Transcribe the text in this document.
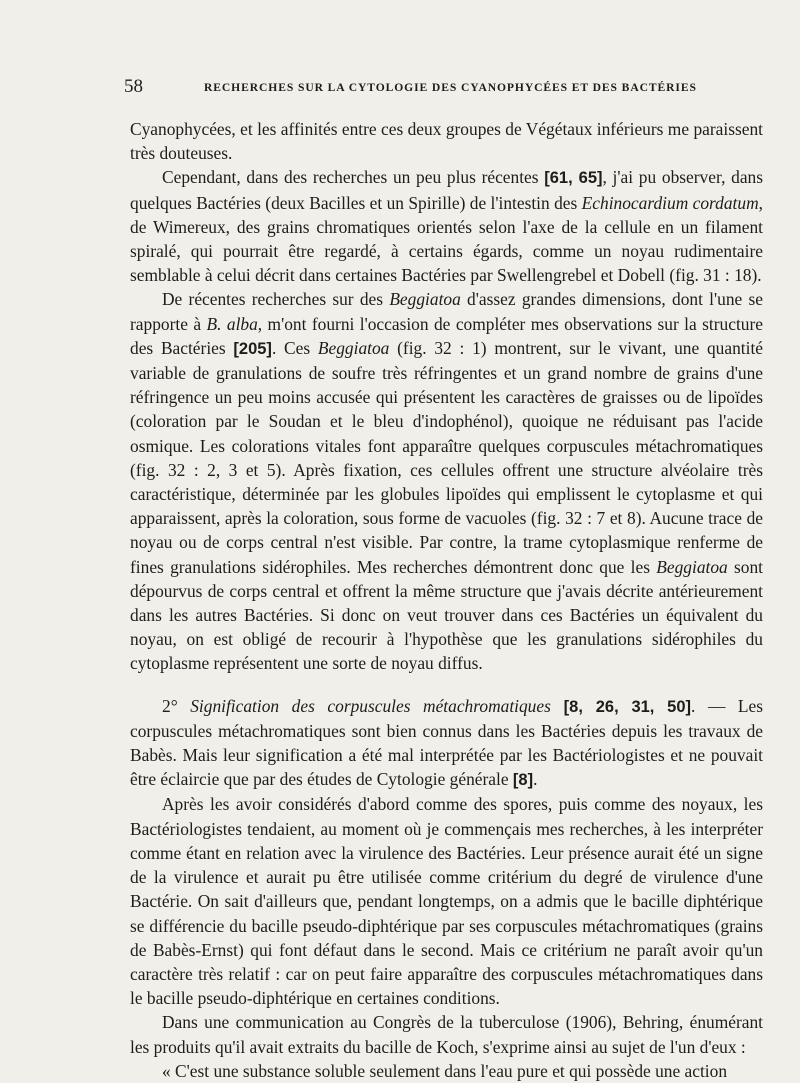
58	RECHERCHES SUR LA CYTOLOGIE DES CYANOPHYCÉES ET DES BACTÉRIES

Cyanophycées, et les affinités entre ces deux groupes de Végétaux inférieurs me paraissent très douteuses.

Cependant, dans des recherches un peu plus récentes [61, 65], j'ai pu observer, dans quelques Bactéries (deux Bacilles et un Spirille) de l'intestin des Echinocardium cordatum, de Wimereux, des grains chromatiques orientés selon l'axe de la cellule en un filament spiralé, qui pourrait être regardé, à certains égards, comme un noyau rudimentaire semblable à celui décrit dans certaines Bactéries par Swellengrebel et Dobell (fig. 31 : 18).

De récentes recherches sur des Beggiatoa d'assez grandes dimensions, dont l'une se rapporte à B. alba, m'ont fourni l'occasion de compléter mes observations sur la structure des Bactéries [205]. Ces Beggiatoa (fig. 32 : 1) montrent, sur le vivant, une quantité variable de granulations de soufre très réfringentes et un grand nombre de grains d'une réfringence un peu moins accusée qui présentent les caractères de graisses ou de lipoïdes (coloration par le Soudan et le bleu d'indophénol), quoique ne réduisant pas l'acide osmique. Les colorations vitales font apparaître quelques corpuscules métachromatiques (fig. 32 : 2, 3 et 5). Après fixation, ces cellules offrent une structure alvéolaire très caractéristique, déterminée par les globules lipoïdes qui emplissent le cytoplasme et qui apparaissent, après la coloration, sous forme de vacuoles (fig. 32 : 7 et 8). Aucune trace de noyau ou de corps central n'est visible. Par contre, la trame cytoplasmique renferme de fines granulations sidérophiles. Mes recherches démontrent donc que les Beggiatoa sont dépourvus de corps central et offrent la même structure que j'avais décrite antérieurement dans les autres Bactéries. Si donc on veut trouver dans ces Bactéries un équivalent du noyau, on est obligé de recourir à l'hypothèse que les granulations sidérophiles du cytoplasme représentent une sorte de noyau diffus.

2° Signification des corpuscules métachromatiques [8, 26, 31, 50]. — Les corpuscules métachromatiques sont bien connus dans les Bactéries depuis les travaux de Babès. Mais leur signification a été mal interprétée par les Bactériologistes et ne pouvait être éclaircie que par des études de Cytologie générale [8].

Après les avoir considérés d'abord comme des spores, puis comme des noyaux, les Bactériologistes tendaient, au moment où je commençais mes recherches, à les interpréter comme étant en relation avec la virulence des Bactéries. Leur présence aurait été un signe de la virulence et aurait pu être utilisée comme critérium du degré de virulence d'une Bactérie. On sait d'ailleurs que, pendant longtemps, on a admis que le bacille diphtérique se différencie du bacille pseudo-diphtérique par ses corpuscules métachromatiques (grains de Babès-Ernst) qui font défaut dans le second. Mais ce critérium ne paraît avoir qu'un caractère très relatif : car on peut faire apparaître des corpuscules métachromatiques dans le bacille pseudo-diphtérique en certaines conditions.

Dans une communication au Congrès de la tuberculose (1906), Behring, énumérant les produits qu'il avait extraits du bacille de Koch, s'exprime ainsi au sujet de l'un d'eux :

« C'est une substance soluble seulement dans l'eau pure et qui possède une action
